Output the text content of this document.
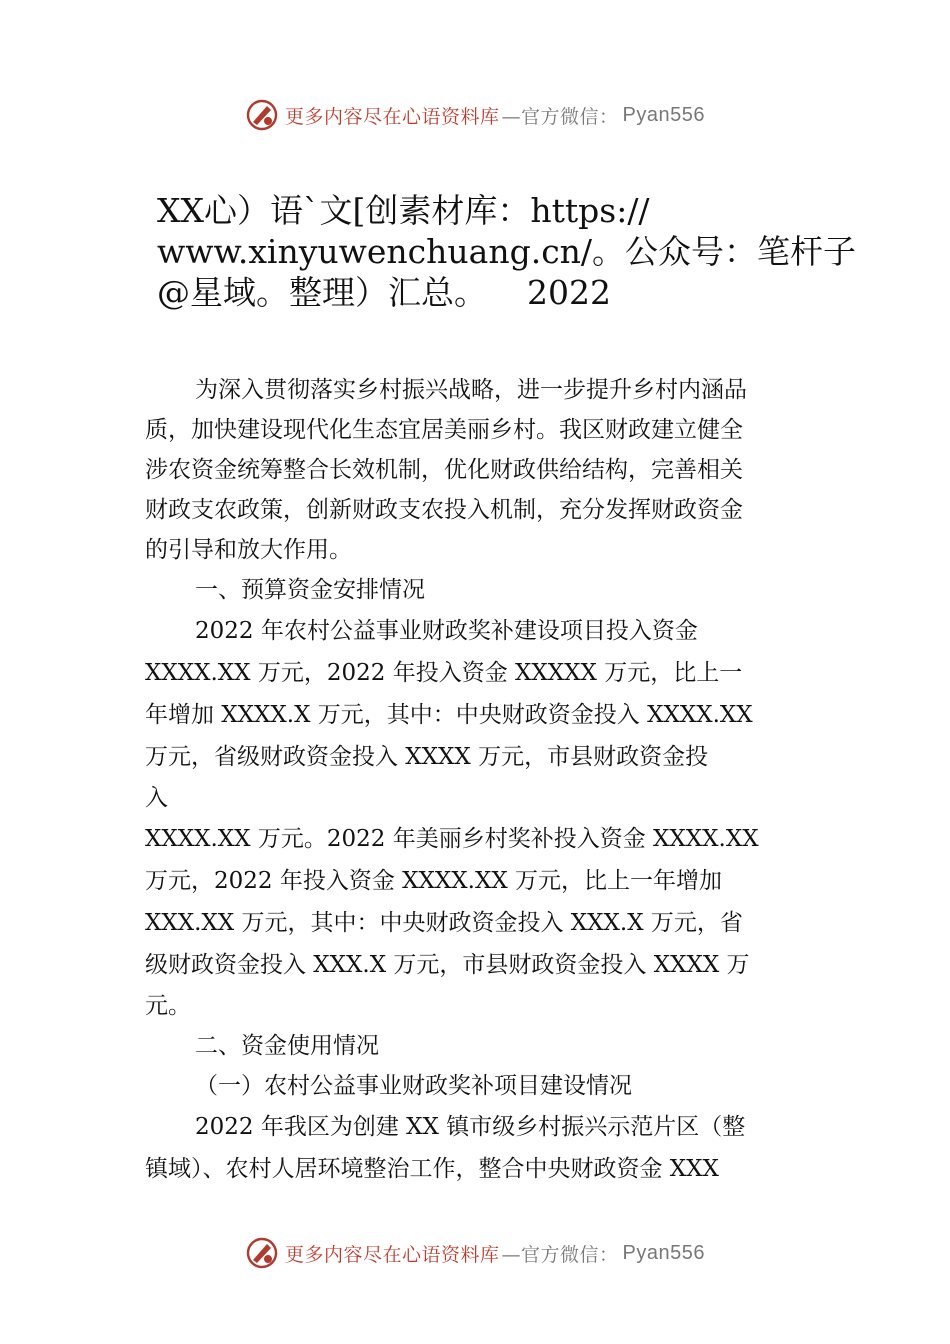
更多内容尽在心语资料库 —官方微信： Pyan556
XX心）语`文[创素材库：https://
www.xinyuwenchuang.cn/。公众号：笔杆子
@星域。整理）汇总。 2022

为深入贯彻落实乡村振兴战略，进一步提升乡村内涵品
质，加快建设现代化生态宜居美丽乡村。我区财政建立健全
涉农资金统筹整合长效机制，优化财政供给结构，完善相关
财政支农政策，创新财政支农投入机制，充分发挥财政资金
的引导和放大作用。

一、预算资金安排情况

2022 年农村公益事业财政奖补建设项目投入资金
XXXX.XX 万元，2022 年投入资金 XXXXX 万元，比上一
年增加 XXXX.X 万元，其中：中央财政资金投入 XXXX.XX
万元，省级财政资金投入 XXXX 万元，市县财政资金投
入
XXXX.XX 万元。2022 年美丽乡村奖补投入资金 XXXX.XX
万元，2022 年投入资金 XXXX.XX 万元，比上一年增加
XXX.XX 万元，其中：中央财政资金投入 XXX.X 万元，省
级财政资金投入 XXX.X 万元，市县财政资金投入 XXXX 万
元。

二、资金使用情况

（一）农村公益事业财政奖补项目建设情况

2022 年我区为创建 XX 镇市级乡村振兴示范片区（整
镇域）、农村人居环境整治工作，整合中央财政资金 XXX

更多内容尽在心语资料库 —官方微信： Pyan556
